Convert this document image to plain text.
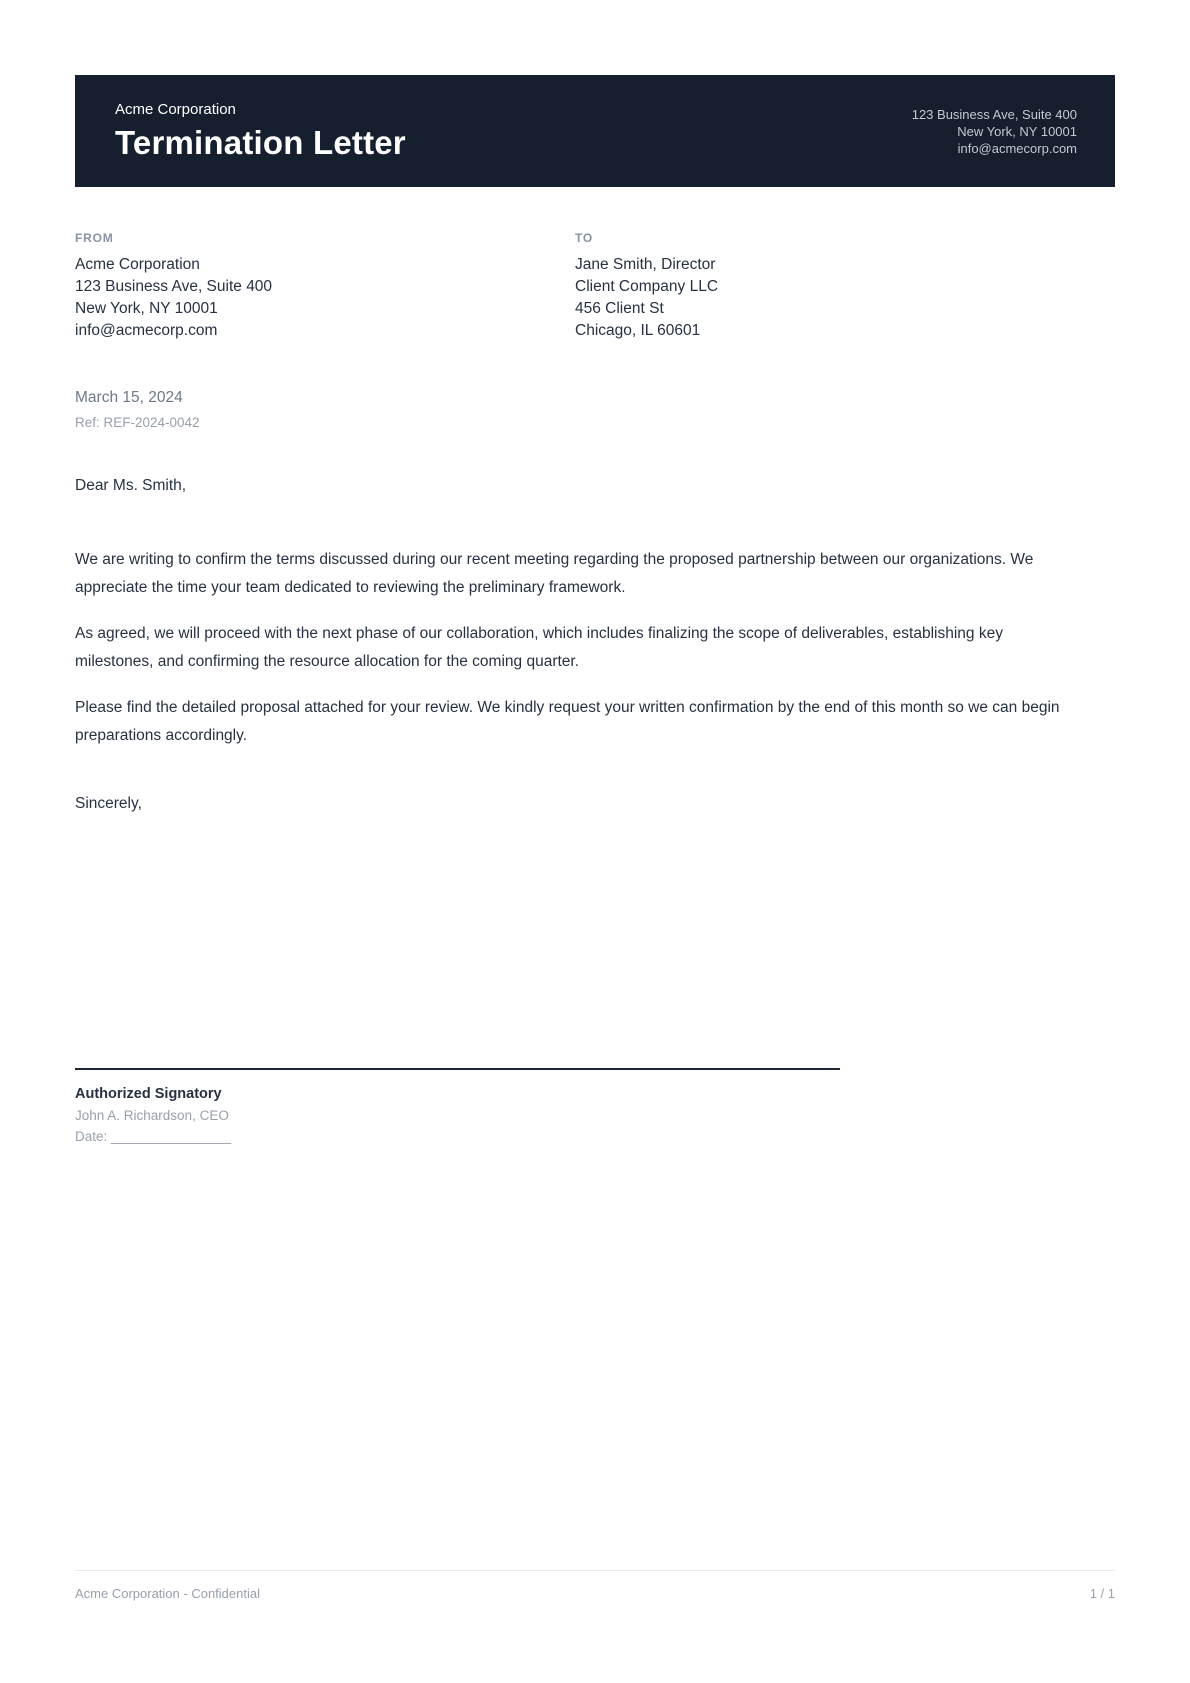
Acme Corporation
Termination Letter
123 Business Ave, Suite 400
New York, NY 10001
info@acmecorp.com
FROM
Acme Corporation
123 Business Ave, Suite 400
New York, NY 10001
info@acmecorp.com
TO
Jane Smith, Director
Client Company LLC
456 Client St
Chicago, IL 60601
March 15, 2024
Ref: REF-2024-0042

Dear Ms. Smith,

We are writing to confirm the terms discussed during our recent meeting regarding the proposed partnership between our organizations. We appreciate the time your team dedicated to reviewing the preliminary framework.

As agreed, we will proceed with the next phase of our collaboration, which includes finalizing the scope of deliverables, establishing key milestones, and confirming the resource allocation for the coming quarter.

Please find the detailed proposal attached for your review. We kindly request your written confirmation by the end of this month so we can begin preparations accordingly.

Sincerely,

Authorized Signatory
John A. Richardson, CEO
Date: ________________
Acme Corporation - Confidential	1 / 1
